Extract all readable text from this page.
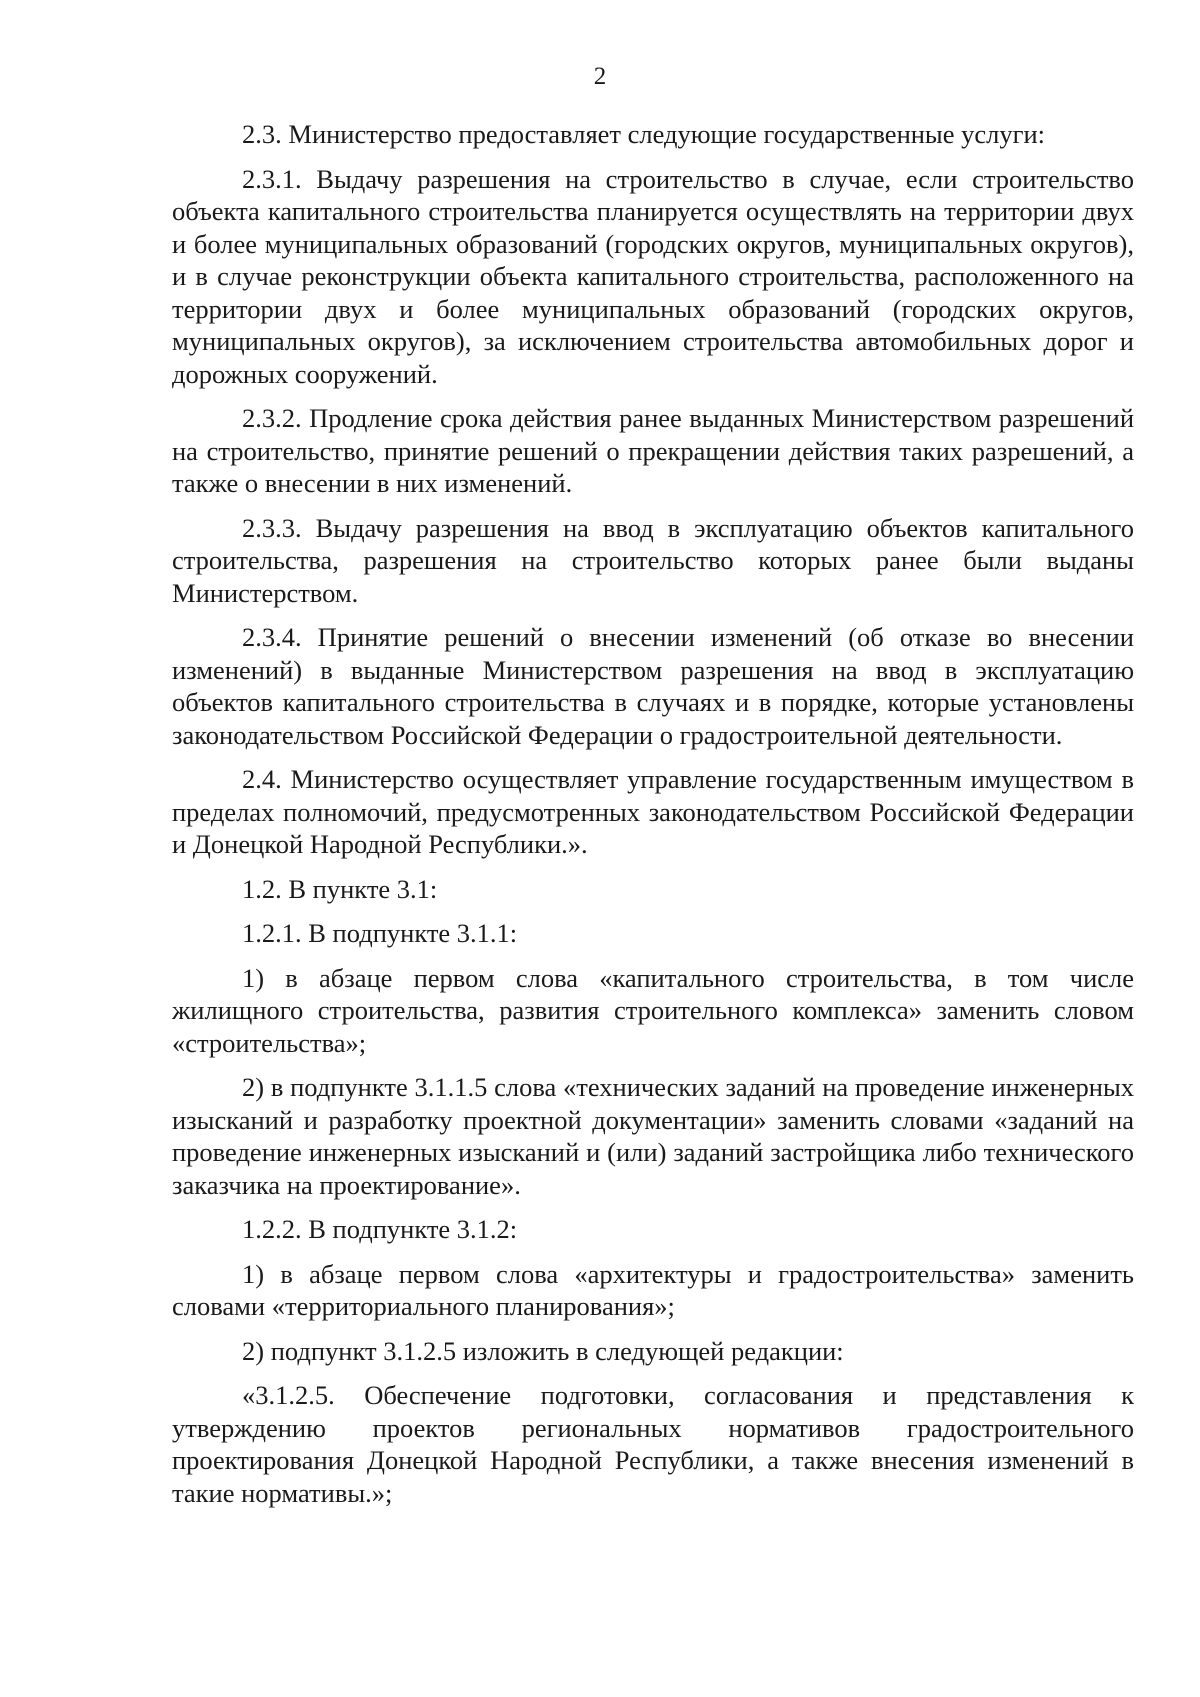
2

2.3. Министерство предоставляет следующие государственные услуги:

2.3.1. Выдачу разрешения на строительство в случае, если строительство объекта капитального строительства планируется осуществлять на территории двух и более муниципальных образований (городских округов, муниципальных округов), и в случае реконструкции объекта капитального строительства, расположенного на территории двух и более муниципальных образований (городских округов, муниципальных округов), за исключением строительства автомобильных дорог и дорожных сооружений.

2.3.2. Продление срока действия ранее выданных Министерством разрешений на строительство, принятие решений о прекращении действия таких разрешений, а также о внесении в них изменений.

2.3.3. Выдачу разрешения на ввод в эксплуатацию объектов капитального строительства, разрешения на строительство которых ранее были выданы Министерством.

2.3.4. Принятие решений о внесении изменений (об отказе во внесении изменений) в выданные Министерством разрешения на ввод в эксплуатацию объектов капитального строительства в случаях и в порядке, которые установлены законодательством Российской Федерации о градостроительной деятельности.

2.4. Министерство осуществляет управление государственным имуществом в пределах полномочий, предусмотренных законодательством Российской Федерации и Донецкой Народной Республики.».

1.2. В пункте 3.1:

1.2.1. В подпункте 3.1.1:

1) в абзаце первом слова «капитального строительства, в том числе жилищного строительства, развития строительного комплекса» заменить словом «строительства»;

2) в подпункте 3.1.1.5 слова «технических заданий на проведение инженерных изысканий и разработку проектной документации» заменить словами «заданий на проведение инженерных изысканий и (или) заданий застройщика либо технического заказчика на проектирование».

1.2.2. В подпункте 3.1.2:

1) в абзаце первом слова «архитектуры и градостроительства» заменить словами «территориального планирования»;

2) подпункт 3.1.2.5 изложить в следующей редакции:

«3.1.2.5. Обеспечение подготовки, согласования и представления к утверждению проектов региональных нормативов градостроительного проектирования Донецкой Народной Республики, а также внесения изменений в такие нормативы.»;
